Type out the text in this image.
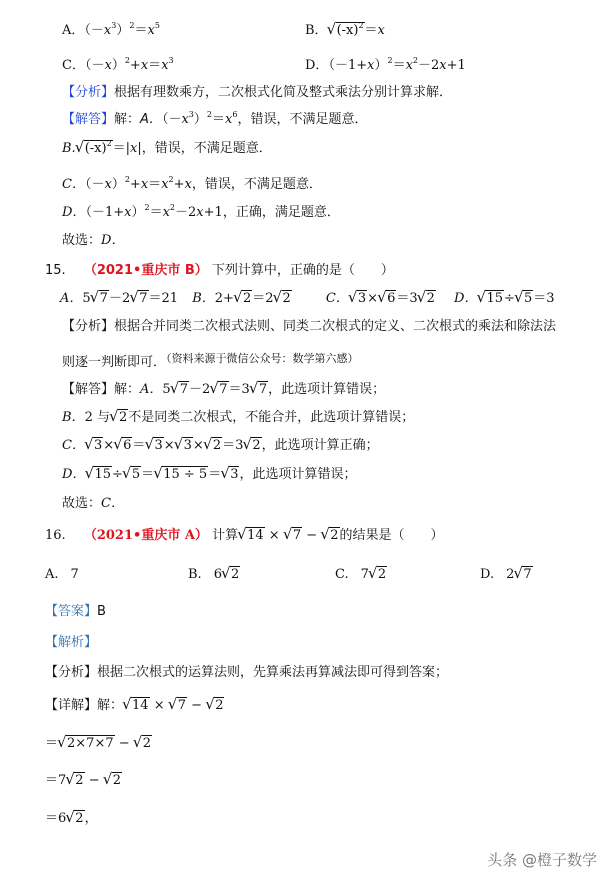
A．$(-x^3)^2=x^5$	B． √ $(-x)^2=x$
C．$(-x)^2+x=x^3$	D．$(-1+x)^2=x^2-2x+1$
【分析】根据有理数乘方，二次根式化简及整式乘法分别计算求解．
【解答】解：A．$(-x^3)^2=x^6$，错误，不满足题意．
B. √ $(-x)^2=|x|$，错误，不满足题意．
C．$(-x)^2+x=x^2+x$，错误，不满足题意．
D．$(-1+x)^2=x^2-2x+1$，正确，满足题意．
故选：D．
15. （2021•重庆市 B） 下列计算中，正确的是（　　）
A．5 √ 7－2 √ 7＝21 B．2+ √ 2＝2 √ 2	C． √ 3× √ 6＝3 √ 2 D． √ 15÷ √ 5＝3
【分析】根据合并同类二次根式法则、同类二次根式的定义、二次根式的乘法和除法法
则逐一判断即可．$^{(资料来源于微信公众号:数学第六感)}$
【解答】解：A．5 √ 7－2 √ 7＝3 √ 7，此选项计算错误；
B．2 与 √ 2不是同类二次根式，不能合并，此选项计算错误；
C． √ 3× √ 6＝ √ 3× √ 3× √ 2＝3 √ 2，此选项计算正确；
D． √ 15÷ √ 5＝ √ 15 ÷ 5＝ √ 3，此选项计算错误；
故选：C．
16. （2021•重庆市 A） 计算 √ 14 × √ 7 − √ 2的结果是（　　）
A. 7	B. 6 √ 2	C. 7 √ 2	D. 2 √ 7
【答案】B
【解析】
【分析】根据二次根式的运算法则，先算乘法再算减法即可得到答案；
【详解】解： √ 14 × √ 7 − √ 2
＝ √ 2×7×7 − √ 2
＝7 √ 2 − √ 2
＝6 √ 2，
头条 @橙子数学
